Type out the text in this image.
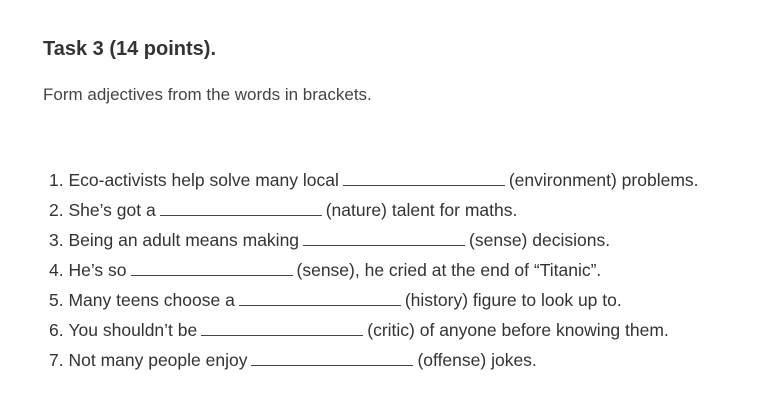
Task 3 (14 points).
Form adjectives from the words in brackets.
1. Eco-activists help solve many local	(environment) problems.
2. She’s got a	(nature) talent for maths.
3. Being an adult means making	(sense) decisions.
4. He’s so	(sense), he cried at the end of “Titanic”.
5. Many teens choose a	(history) figure to look up to.
6. You shouldn’t be	(critic) of anyone before knowing them.
7. Not many people enjoy	(offense) jokes.
